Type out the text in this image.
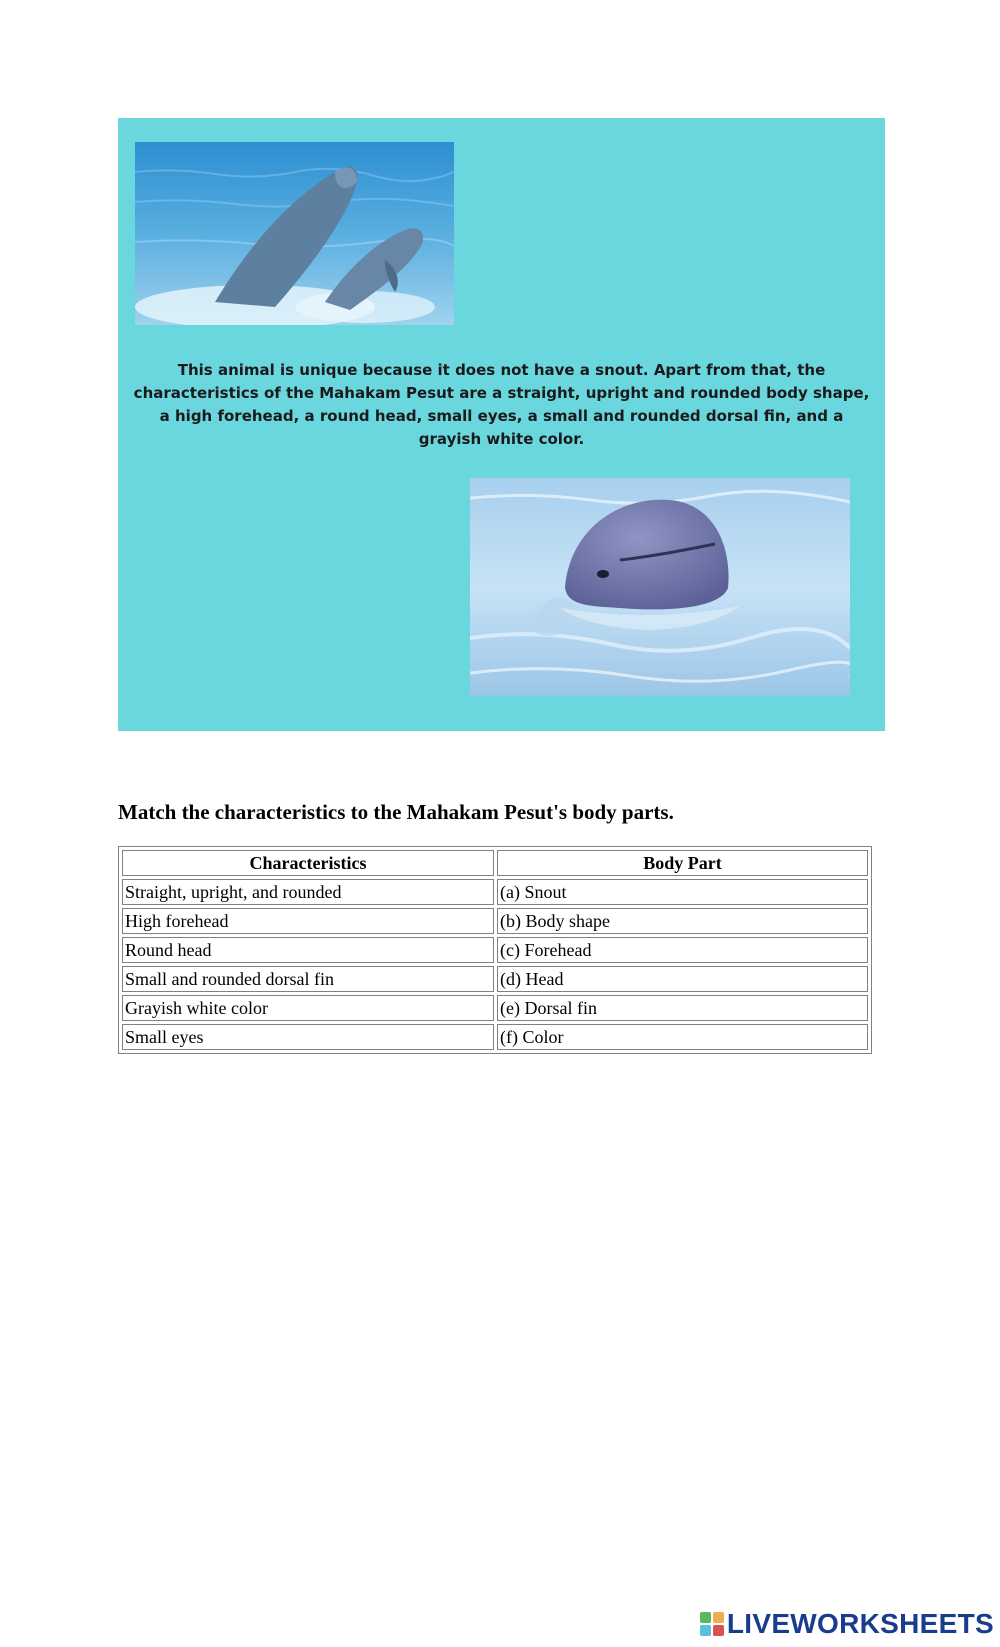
This animal is unique because it does not have a snout. Apart from that, the characteristics of the Mahakam Pesut are a straight, upright and rounded body shape, a high forehead, a round head, small eyes, a small and rounded dorsal fin, and a grayish white color.

Match the characteristics to the Mahakam Pesut's body parts.
Characteristics	Body Part
Straight, upright, and rounded	(a) Snout
High forehead	(b) Body shape
Round head	(c) Forehead
Small and rounded dorsal fin	(d) Head
Grayish white color	(e) Dorsal fin
Small eyes	(f) Color
LIVEWORKSHEETS
